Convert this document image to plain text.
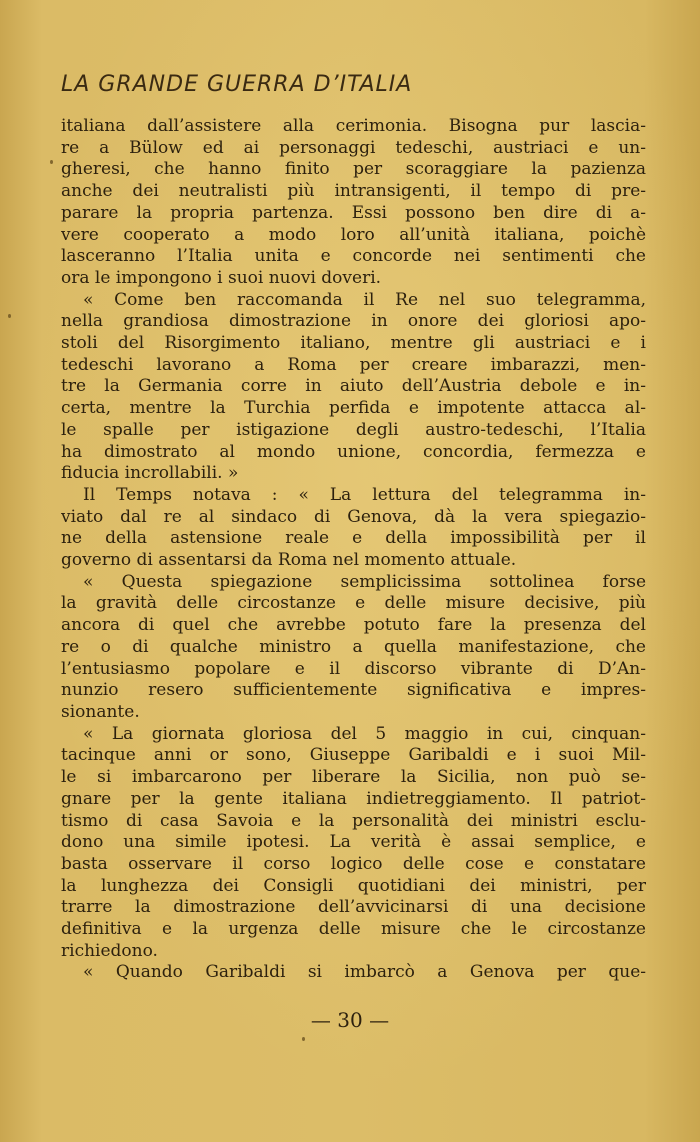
LA GRANDE GUERRA D’ITALIA
italiana dall’assistere alla cerimonia. Bisogna pur lascia-
re a Bülow ed ai personaggi tedeschi, austriaci e un-
gheresi, che hanno finito per scoraggiare la pazienza
anche dei neutralisti più intransigenti, il tempo di pre-
parare la propria partenza. Essi possono ben dire di a-
vere cooperato a modo loro all’unità italiana, poichè
lasceranno l’Italia unita e concorde nei sentimenti che
ora le impongono i suoi nuovi doveri.
« Come ben raccomanda il Re nel suo telegramma,
nella grandiosa dimostrazione in onore dei gloriosi apo-
stoli del Risorgimento italiano, mentre gli austriaci e i
tedeschi lavorano a Roma per creare imbarazzi, men-
tre la Germania corre in aiuto dell’Austria debole e in-
certa, mentre la Turchia perfida e impotente attacca al-
le spalle per istigazione degli austro-tedeschi, l’Italia
ha dimostrato al mondo unione, concordia, fermezza e
fiducia incrollabili. »
Il Temps notava : « La lettura del telegramma in-
viato dal re al sindaco di Genova, dà la vera spiegazio-
ne della astensione reale e della impossibilità per il
governo di assentarsi da Roma nel momento attuale.
« Questa spiegazione semplicissima sottolinea forse
la gravità delle circostanze e delle misure decisive, più
ancora di quel che avrebbe potuto fare la presenza del
re o di qualche ministro a quella manifestazione, che
l’entusiasmo popolare e il discorso vibrante di D’An-
nunzio resero sufficientemente significativa e impres-
sionante.
« La giornata gloriosa del 5 maggio in cui, cinquan-
tacinque anni or sono, Giuseppe Garibaldi e i suoi Mil-
le si imbarcarono per liberare la Sicilia, non può se-
gnare per la gente italiana indietreggiamento. Il patriot-
tismo di casa Savoia e la personalità dei ministri esclu-
dono una simile ipotesi. La verità è assai semplice, e
basta osservare il corso logico delle cose e constatare
la lunghezza dei Consigli quotidiani dei ministri, per
trarre la dimostrazione dell’avvicinarsi di una decisione
definitiva e la urgenza delle misure che le circostanze
richiedono.
« Quando Garibaldi si imbarcò a Genova per que-

— 30 —
